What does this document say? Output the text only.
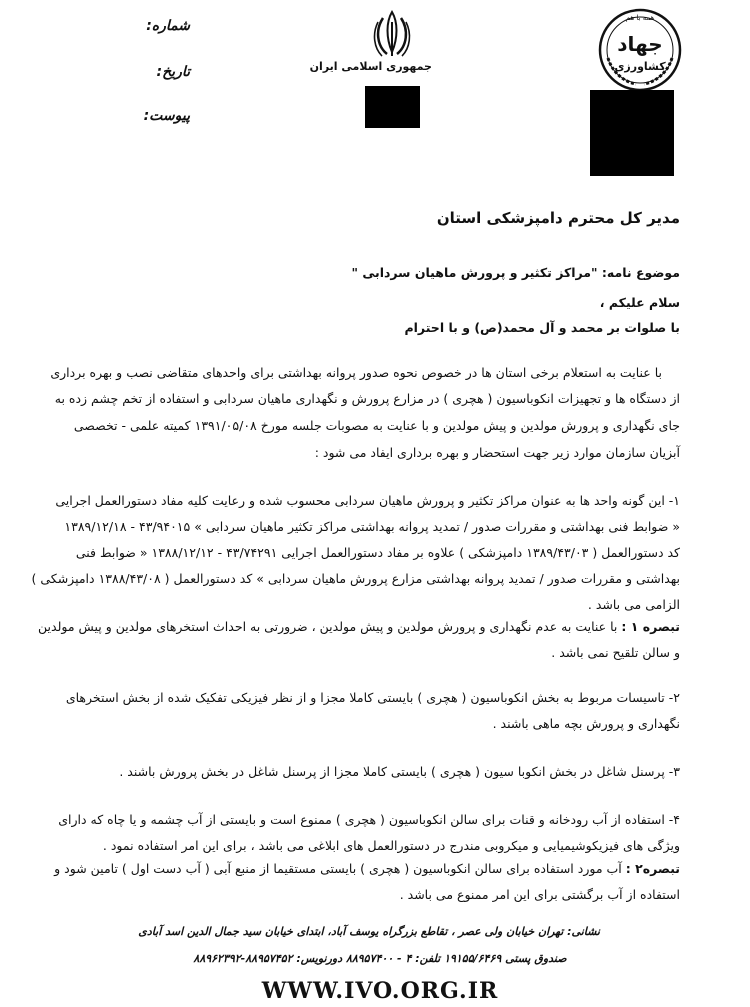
شماره:
تاریخ:
پیوست:
جمهوری اسلامی ایران
همه با هم
جهاد
کشاورزی
مدیر کل محترم دامپزشکی استان
موضوع نامه: "مراکز تکثیر و پرورش ماهیان سردابی "
سلام علیکم ،
با صلوات بر محمد و آل محمد(ص) و با احترام
با عنایت به استعلام برخی استان ها در خصوص نحوه صدور پروانه بهداشتی برای واحدهای متقاضی نصب و بهره برداری
از دستگاه ها و تجهیزات انکوباسیون ( هچری ) در مزارع پرورش و نگهداری ماهیان سردابی و استفاده از تخم چشم زده به
جای نگهداری و پرورش مولدین و پیش مولدین و با عنایت به مصوبات جلسه مورخ ۱۳۹۱/۰۵/۰۸ کمیته علمی - تخصصی
آبزیان سازمان موارد زیر جهت استحضار و بهره برداری ایفاد می شود :
۱- این گونه واحد ها به عنوان مراکز تکثیر و پرورش ماهیان سردابی محسوب شده و رعایت کلیه مفاد دستورالعمل اجرایی
« ضوابط فنی بهداشتی و مقررات صدور / تمدید پروانه بهداشتی مراکز تکثیر ماهیان سردابی » ۴۳/۹۴۰۱۵ - ۱۳۸۹/۱۲/۱۸
کد دستورالعمل ( ۱۳۸۹/۴۳/۰۳ دامپزشکی ) علاوه بر مفاد دستورالعمل اجرایی ۴۳/۷۴۲۹۱ - ۱۳۸۸/۱۲/۱۲ « ضوابط فنی
بهداشتی و مقررات صدور / تمدید پروانه بهداشتی مزارع پرورش ماهیان سردابی » کد دستورالعمل ( ۱۳۸۸/۴۳/۰۸ دامپزشکی )
الزامی می باشد .
تبصره ۱ : با عنایت به عدم نگهداری و پرورش مولدین و پیش مولدین ، ضرورتی به احداث استخرهای مولدین و پیش مولدین
و سالن تلقیح نمی باشد .
۲- تاسیسات مربوط به بخش انکوباسیون ( هچری ) بایستی کاملا مجزا و از نظر فیزیکی تفکیک شده از بخش استخرهای
نگهداری و پرورش بچه ماهی باشند .
۳- پرسنل شاغل در بخش انکوبا سیون ( هچری ) بایستی کاملا مجزا از پرسنل شاغل در بخش پرورش باشند .
۴- استفاده از آب رودخانه و قنات برای سالن انکوباسیون ( هچری ) ممنوع است و بایستی از آب چشمه و یا چاه که دارای
ویژگی های فیزیکوشیمیایی و میکروبی مندرج در دستورالعمل های ابلاغی می باشد ، برای این امر استفاده نمود .
تبصره۲ : آب مورد استفاده برای سالن انکوباسیون ( هچری ) بایستی مستقیما از منبع آبی ( آب دست اول ) تامین شود و
استفاده از آب برگشتی برای این امر ممنوع می باشد .
نشانی: تهران خیابان ولی عصر ، تقاطع بزرگراه یوسف آباد، ابتدای خیابان سید جمال الدین اسد آبادی
صندوق پستی ۱۹۱۵۵/۶۴۶۹ تلفن: ۴ - ۸۸۹۵۷۴۰۰ دورنویس: ۸۸۹۵۷۴۵۲-۸۸۹۶۲۳۹۲
WWW.IVO.ORG.IR
